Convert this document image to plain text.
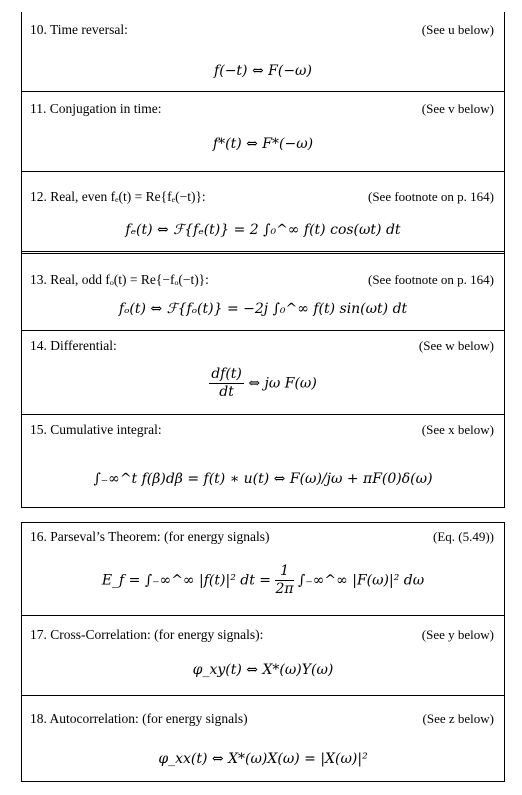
10. Time reversal:	(See u below)
f(−t) ⇔ F(−ω)
11. Conjugation in time:	(See v below)
f*(t) ⇔ F*(−ω)
12. Real, even fₑ(t) = Re{fₑ(−t)}:	(See footnote on p. 164)
fₑ(t) ⇔ ℱ{fₑ(t)} = 2 ∫₀^∞ f(t) cos(ωt) dt
13. Real, odd fₒ(t) = Re{−fₒ(−t)}:	(See footnote on p. 164)
fₒ(t) ⇔ ℱ{fₒ(t)} = −2j ∫₀^∞ f(t) sin(ωt) dt
14. Differential:	(See w below)
$\frac{df(t)}{dt}$ ⇔ jω F(ω)
15. Cumulative integral:	(See x below)
∫₋∞^t f(β)dβ = f(t) ∗ u(t) ⇔ F(ω)/jω + πF(0)δ(ω)
16. Parseval’s Theorem: (for energy signals)	(Eq. (5.49))
E_f = ∫₋∞^∞ |f(t)|² dt = $\frac{1}{2\pi}$ ∫₋∞^∞ |F(ω)|² dω
17. Cross-Correlation: (for energy signals):	(See y below)
φ_xy(t) ⇔ X*(ω)Y(ω)
18. Autocorrelation: (for energy signals)	(See z below)
φ_xx(t) ⇔ X*(ω)X(ω) = |X(ω)|²
